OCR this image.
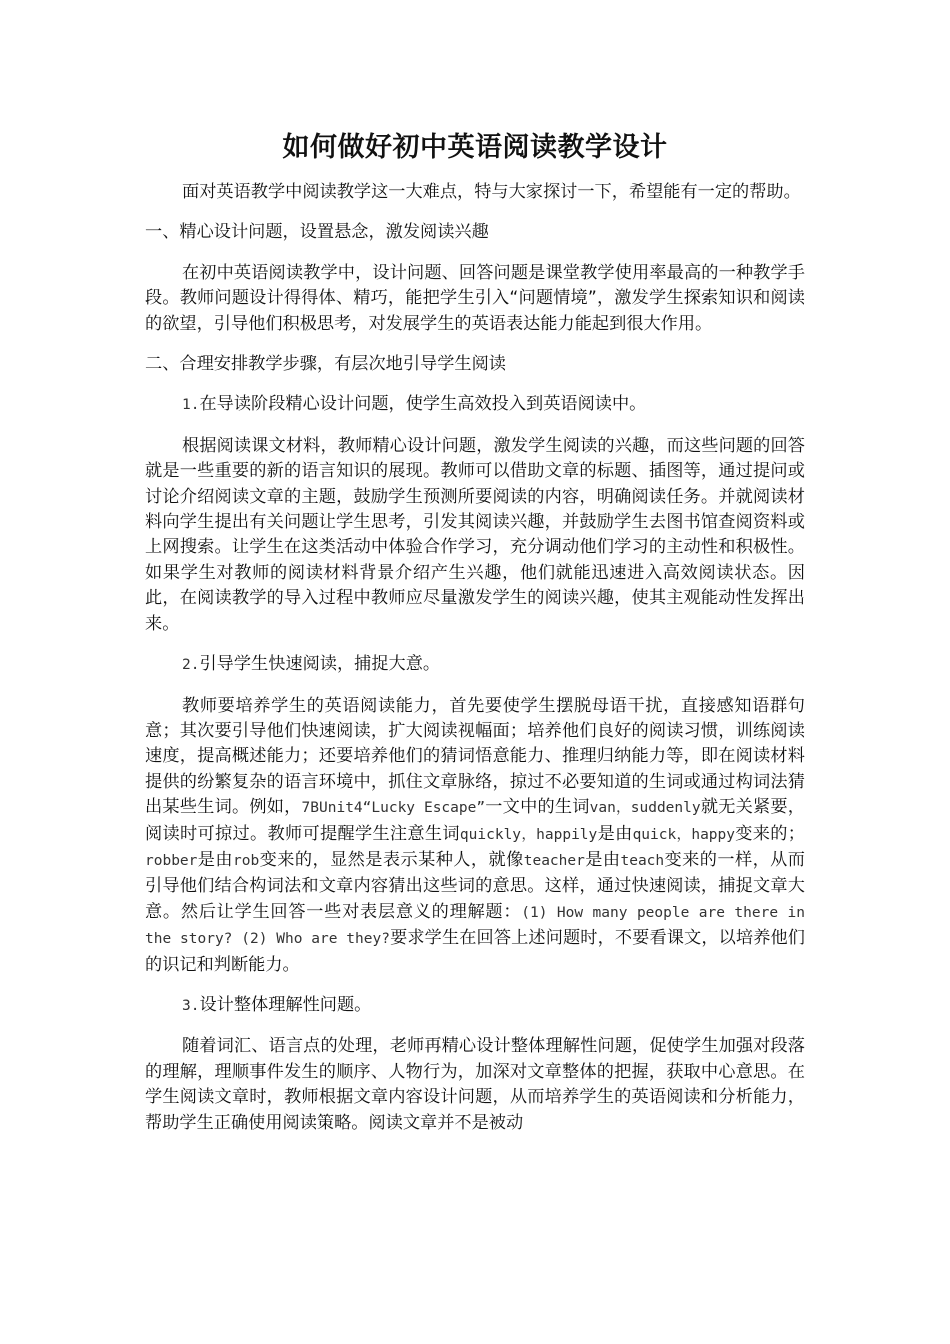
如何做好初中英语阅读教学设计

面对英语教学中阅读教学这一大难点，特与大家探讨一下，希望能有一定的帮助。

一、精心设计问题，设置悬念，激发阅读兴趣

在初中英语阅读教学中，设计问题、回答问题是课堂教学使用率最高的一种教学手段。教师问题设计得得体、精巧，能把学生引入“问题情境”，激发学生探索知识和阅读的欲望，引导他们积极思考，对发展学生的英语表达能力能起到很大作用。

二、合理安排教学步骤，有层次地引导学生阅读

1.在导读阶段精心设计问题，使学生高效投入到英语阅读中。

根据阅读课文材料，教师精心设计问题，激发学生阅读的兴趣，而这些问题的回答就是一些重要的新的语言知识的展现。教师可以借助文章的标题、插图等，通过提问或讨论介绍阅读文章的主题，鼓励学生预测所要阅读的内容，明确阅读任务。并就阅读材料向学生提出有关问题让学生思考，引发其阅读兴趣，并鼓励学生去图书馆查阅资料或上网搜索。让学生在这类活动中体验合作学习，充分调动他们学习的主动性和积极性。如果学生对教师的阅读材料背景介绍产生兴趣，他们就能迅速进入高效阅读状态。因此，在阅读教学的导入过程中教师应尽量激发学生的阅读兴趣，使其主观能动性发挥出来。

2.引导学生快速阅读，捕捉大意。

教师要培养学生的英语阅读能力，首先要使学生摆脱母语干扰，直接感知语群句意；其次要引导他们快速阅读，扩大阅读视幅面；培养他们良好的阅读习惯，训练阅读速度，提高概述能力；还要培养他们的猜词悟意能力、推理归纳能力等，即在阅读材料提供的纷繁复杂的语言环境中，抓住文章脉络，掠过不必要知道的生词或通过构词法猜出某些生词。例如，7BUnit4“Lucky Escape”一文中的生词van，suddenly就无关紧要，阅读时可掠过。教师可提醒学生注意生词quickly，happily是由quick，happy变来的；robber是由rob变来的，显然是表示某种人，就像teacher是由teach变来的一样，从而引导他们结合构词法和文章内容猜出这些词的意思。这样，通过快速阅读，捕捉文章大意。然后让学生回答一些对表层意义的理解题：(1) How many people are there in the story? (2) Who are they?要求学生在回答上述问题时，不要看课文，以培养他们的识记和判断能力。

3.设计整体理解性问题。

随着词汇、语言点的处理，老师再精心设计整体理解性问题，促使学生加强对段落的理解，理顺事件发生的顺序、人物行为，加深对文章整体的把握，获取中心意思。在学生阅读文章时，教师根据文章内容设计问题，从而培养学生的英语阅读和分析能力，帮助学生正确使用阅读策略。阅读文章并不是被动
